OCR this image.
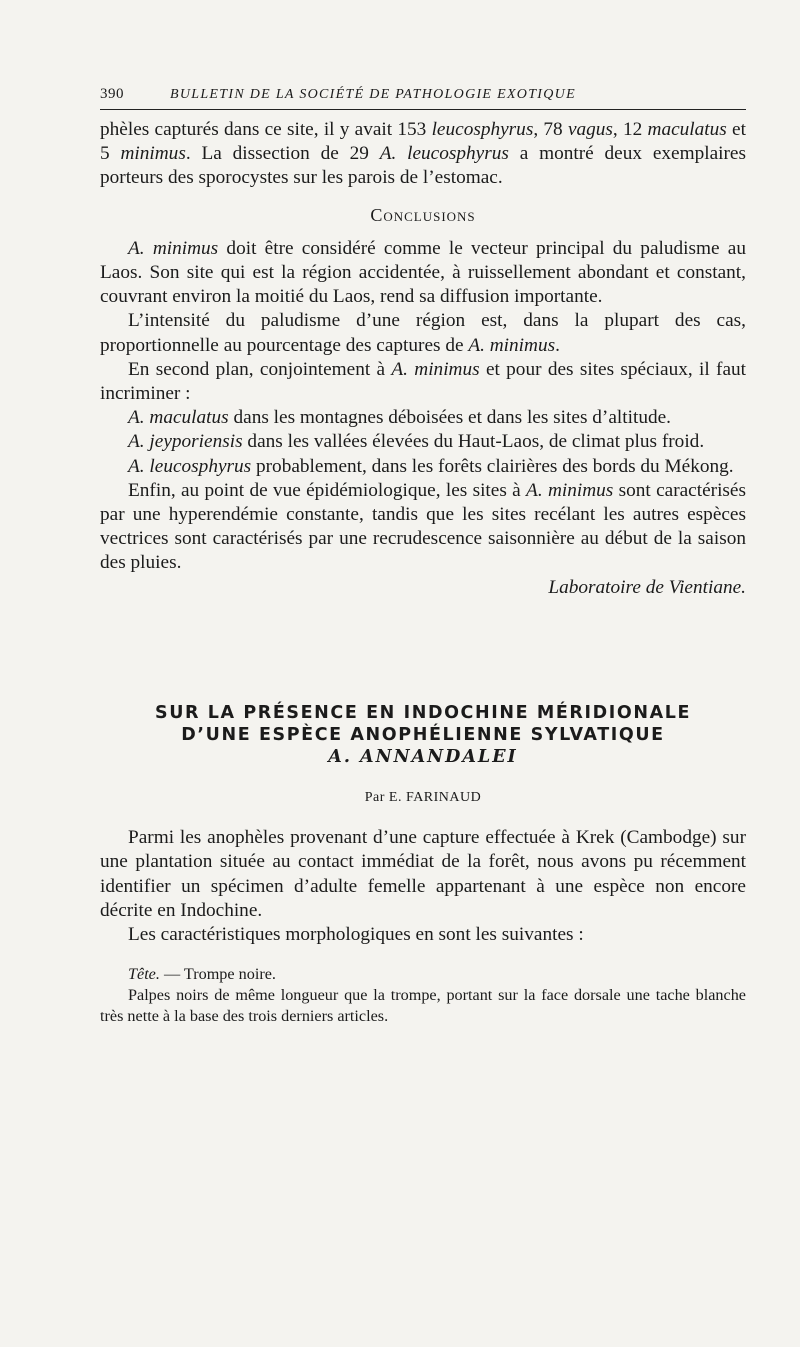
390	BULLETIN DE LA SOCIÉTÉ DE PATHOLOGIE EXOTIQUE

phèles capturés dans ce site, il y avait 153 leucosphyrus, 78 vagus, 12 maculatus et 5 minimus. La dissection de 29 A. leucosphyrus a montré deux exemplaires porteurs des sporocystes sur les parois de l’estomac.

Conclusions

A. minimus doit être considéré comme le vecteur principal du paludisme au Laos. Son site qui est la région accidentée, à ruissellement abondant et constant, couvrant environ la moitié du Laos, rend sa diffusion importante.

L’intensité du paludisme d’une région est, dans la plupart des cas, proportionnelle au pourcentage des captures de A. minimus.

En second plan, conjointement à A. minimus et pour des sites spéciaux, il faut incriminer :

A. maculatus dans les montagnes déboisées et dans les sites d’altitude.

A. jeyporiensis dans les vallées élevées du Haut-Laos, de climat plus froid.

A. leucosphyrus probablement, dans les forêts clairières des bords du Mékong.

Enfin, au point de vue épidémiologique, les sites à A. minimus sont caractérisés par une hyperendémie constante, tandis que les sites recélant les autres espèces vectrices sont caractérisés par une recrudescence saisonnière au début de la saison des pluies.

Laboratoire de Vientiane.

SUR LA PRÉSENCE EN INDOCHINE MÉRIDIONALE
D’UNE ESPÈCE ANOPHÉLIENNE SYLVATIQUE
A. ANNANDALEI
Par E. FARINAUD

Parmi les anophèles provenant d’une capture effectuée à Krek (Cambodge) sur une plantation située au contact immédiat de la forêt, nous avons pu récemment identifier un spécimen d’adulte femelle appartenant à une espèce non encore décrite en Indochine.

Les caractéristiques morphologiques en sont les suivantes :

Tête. — Trompe noire.

Palpes noirs de même longueur que la trompe, portant sur la face dorsale une tache blanche très nette à la base des trois derniers articles.
